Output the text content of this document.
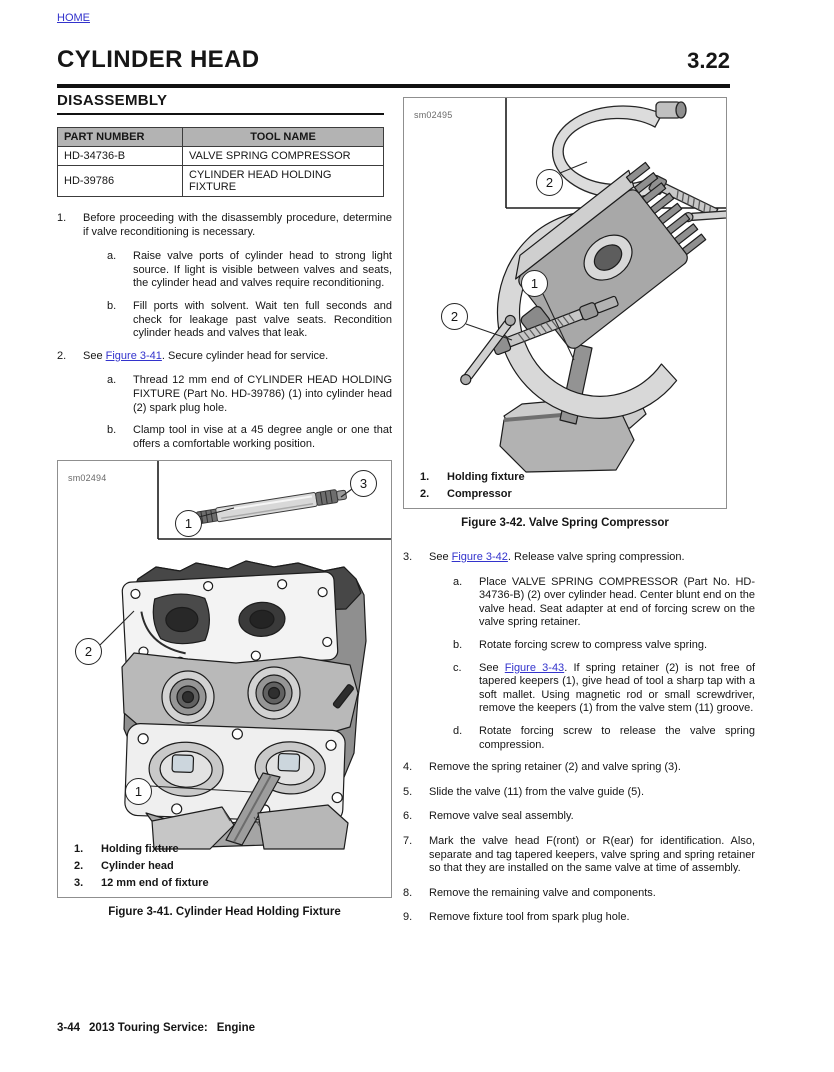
HOME
CYLINDER HEAD	3.22
DISASSEMBLY
PART NUMBER	TOOL NAME
HD-34736-B	VALVE SPRING COMPRESSOR
HD-39786	CYLINDER HEAD HOLDING FIXTURE
1.	Before proceeding with the disassembly procedure, determine if valve reconditioning is necessary.
a.	Raise valve ports of cylinder head to strong light source. If light is visible between valves and seats, the cylinder head and valves require reconditioning.
b.	Fill ports with solvent. Wait ten full seconds and check for leakage past valve seats. Recondition cylinder heads and valves that leak.
2.	See Figure 3-41. Secure cylinder head for service.
a.	Thread 12 mm end of CYLINDER HEAD HOLDING FIXTURE (Part No. HD-39786) (1) into cylinder head (2) spark plug hole.
b.	Clamp tool in vise at a 45 degree angle or one that offers a comfortable working position.
sm02494
1
3
2
1
1.	Holding fixture
2.	Cylinder head
3.	12 mm end of fixture
Figure 3-41. Cylinder Head Holding Fixture
sm02495
2
1
2
1.	Holding fixture
2.	Compressor
Figure 3-42. Valve Spring Compressor
3.	See Figure 3-42. Release valve spring compression.
a.	Place VALVE SPRING COMPRESSOR (Part No. HD-34736-B) (2) over cylinder head. Center blunt end on the valve head. Seat adapter at end of forcing screw on the valve spring retainer.
b.	Rotate forcing screw to compress valve spring.
c.	See Figure 3-43. If spring retainer (2) is not free of tapered keepers (1), give head of tool a sharp tap with a soft mallet. Using magnetic rod or small screwdriver, remove the keepers (1) from the valve stem (11) groove.
d.	Rotate forcing screw to release the valve spring compression.
4.	Remove the spring retainer (2) and valve spring (3).
5.	Slide the valve (11) from the valve guide (5).
6.	Remove valve seal assembly.
7.	Mark the valve head F(ront) or R(ear) for identification. Also, separate and tag tapered keepers, valve spring and spring retainer so that they are installed on the same valve at time of assembly.
8.	Remove the remaining valve and components.
9.	Remove fixture tool from spark plug hole.
3-44 2013 Touring Service: Engine
